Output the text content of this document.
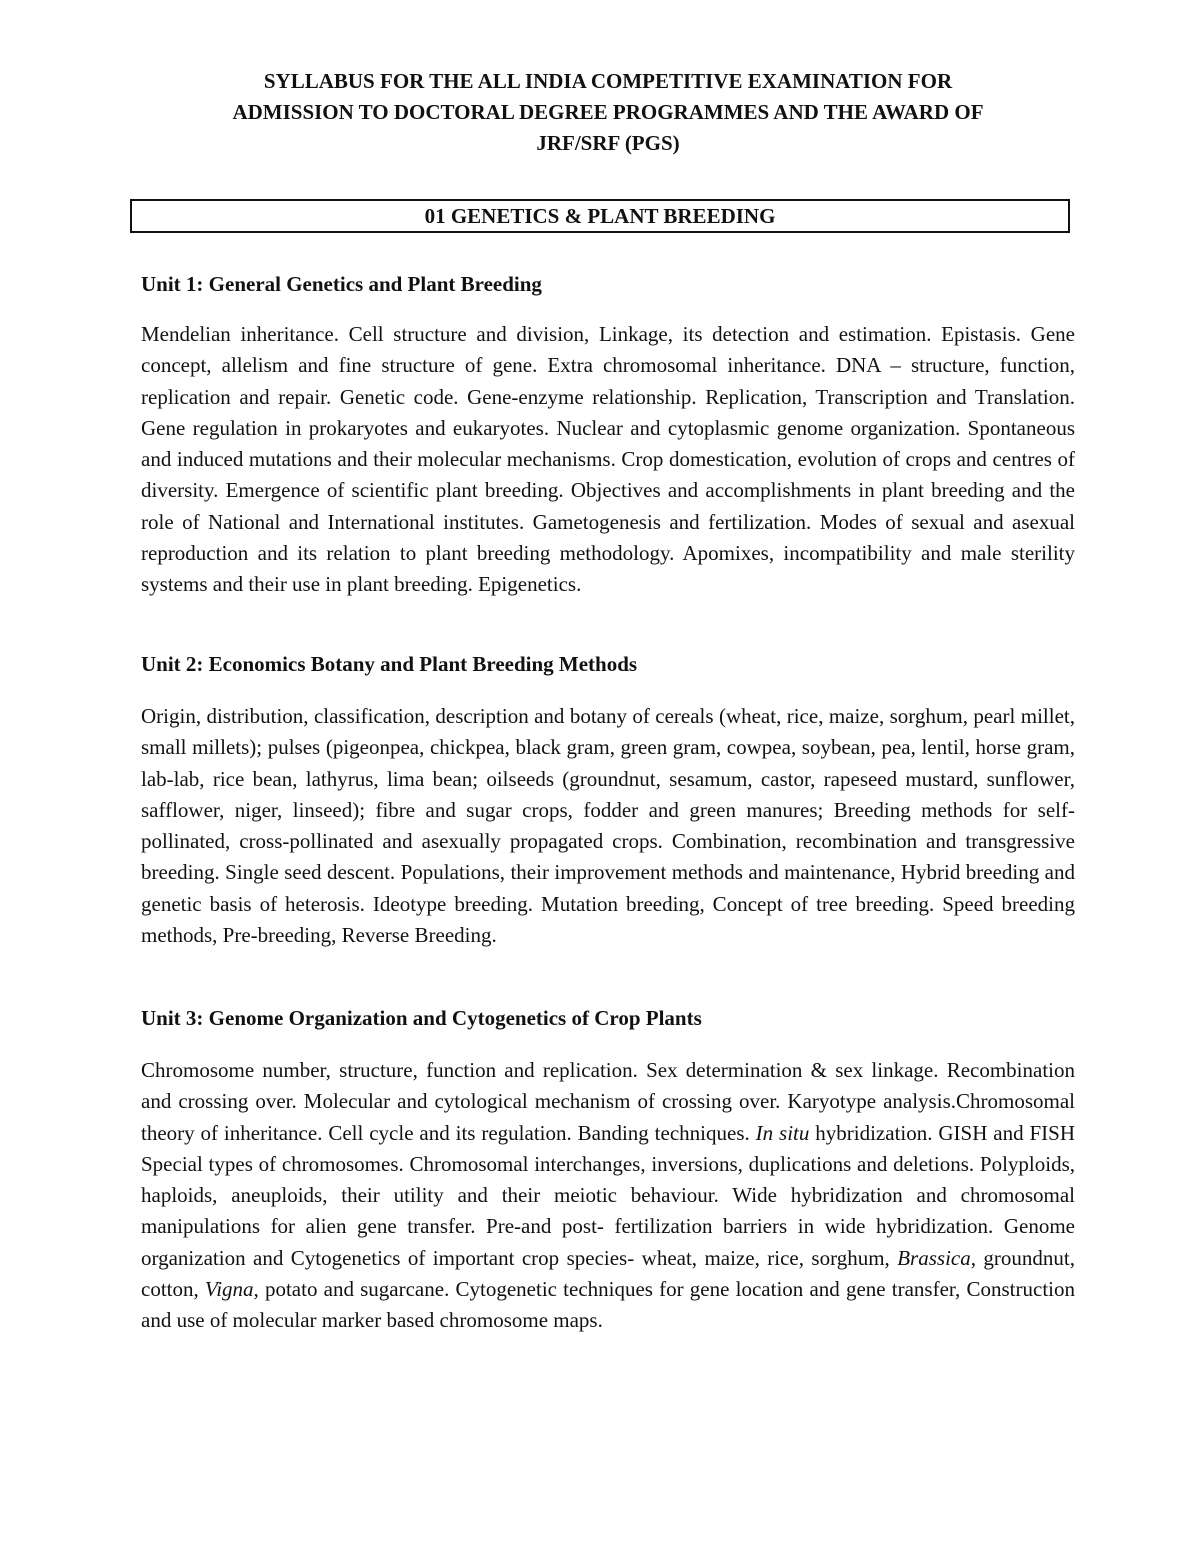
SYLLABUS FOR THE ALL INDIA COMPETITIVE EXAMINATION FOR
ADMISSION TO DOCTORAL DEGREE PROGRAMMES AND THE AWARD OF
JRF/SRF (PGS)

01 GENETICS & PLANT BREEDING

Unit 1: General Genetics and Plant Breeding

Mendelian inheritance. Cell structure and division, Linkage, its detection and estimation. Epistasis. Gene concept, allelism and fine structure of gene. Extra chromosomal inheritance. DNA – structure, function, replication and repair. Genetic code. Gene-enzyme relationship. Replication, Transcription and Translation. Gene regulation in prokaryotes and eukaryotes. Nuclear and cytoplasmic genome organization. Spontaneous and induced mutations and their molecular mechanisms. Crop domestication, evolution of crops and centres of diversity. Emergence of scientific plant breeding. Objectives and accomplishments in plant breeding and the role of National and International institutes. Gametogenesis and fertilization. Modes of sexual and asexual reproduction and its relation to plant breeding methodology. Apomixes, incompatibility and male sterility systems and their use in plant breeding. Epigenetics.

Unit 2: Economics Botany and Plant Breeding Methods

Origin, distribution, classification, description and botany of cereals (wheat, rice, maize, sorghum, pearl millet, small millets); pulses (pigeonpea, chickpea, black gram, green gram, cowpea, soybean, pea, lentil, horse gram, lab-lab, rice bean, lathyrus, lima bean; oilseeds (groundnut, sesamum, castor, rapeseed mustard, sunflower, safflower, niger, linseed); fibre and sugar crops, fodder and green manures; Breeding methods for self-pollinated, cross-pollinated and asexually propagated crops. Combination, recombination and transgressive breeding. Single seed descent. Populations, their improvement methods and maintenance, Hybrid breeding and genetic basis of heterosis. Ideotype breeding. Mutation breeding, Concept of tree breeding. Speed breeding methods, Pre-breeding, Reverse Breeding.

Unit 3: Genome Organization and Cytogenetics of Crop Plants

Chromosome number, structure, function and replication. Sex determination & sex linkage. Recombination and crossing over. Molecular and cytological mechanism of crossing over. Karyotype analysis.Chromosomal theory of inheritance. Cell cycle and its regulation. Banding techniques. In situ hybridization. GISH and FISH Special types of chromosomes. Chromosomal interchanges, inversions, duplications and deletions. Polyploids, haploids, aneuploids, their utility and their meiotic behaviour. Wide hybridization and chromosomal manipulations for alien gene transfer. Pre-and post- fertilization barriers in wide hybridization. Genome organization and Cytogenetics of important crop species- wheat, maize, rice, sorghum, Brassica, groundnut, cotton, Vigna, potato and sugarcane. Cytogenetic techniques for gene location and gene transfer, Construction and use of molecular marker based chromosome maps.
